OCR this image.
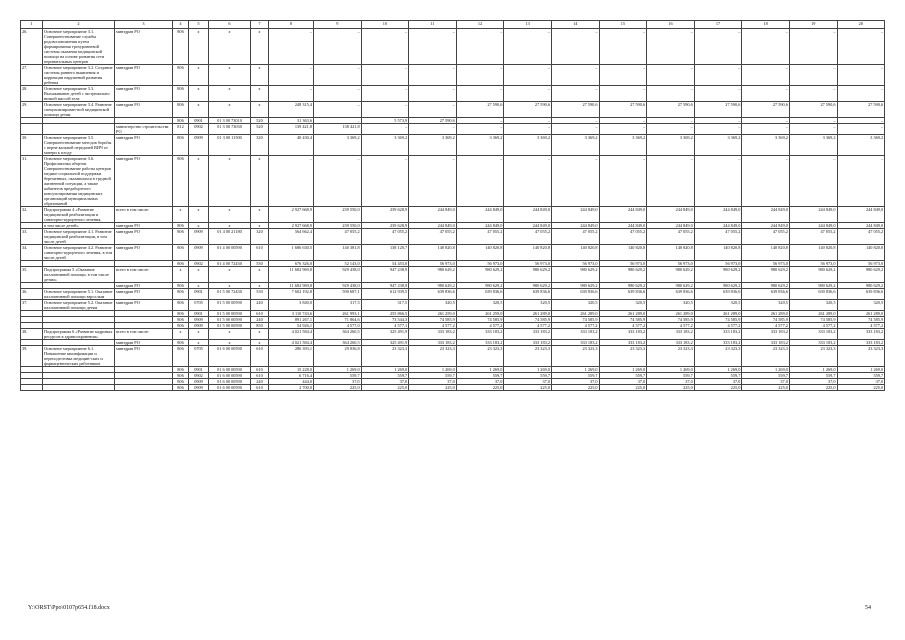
1	2	3	4	5	6	7	8	9	10	11	12	13	14	15	16	17	18	19	20
26.	Основное мероприятие 3.1. Совершенствование службы родовспоможения путем формирования трехуровневой системы оказания медицинской помощи на основе развития сети перинатальных центров	минздрав РО	806	х	х	х	–	–	–	–	–	–	–	–	–	–	–	–	–
27.	Основное мероприятие 3.2. Создание системы раннего выявления и коррекции нарушений развития ребенка	минздрав РО	806	х	х	х	–	–	–	–	–	–	–	–	–	–	–	–	–
28.	Основное мероприятие 3.3. Выхаживание детей с экстремально низкой массой тела	минздрав РО	806	х	х	х	–	–	–	–	–	–	–	–	–	–	–	–	–
29.	Основное мероприятие 3.4. Развитие специализирован-ной медицинской помощи детям	минздрав РО	806	х	х	х	248 315,4	–	–	–	27 590,6	27 590,6	27 590,6	27 590,6	27 590,6	27 590,6	27 590,6	27 590,6	27 590,6
			806	0901	01 3 00 73010	520	31 363,6	–	5 573,9	27 590,6	–	–	–	–	–	–	–	–	–
		министерство строительства РО	812	0902	01 3 00 73030	520	139 421,8	138 421,8	–	–	–	–	–	–	–	–	–	–	–
30.	Основное мероприятие 3.5. Совершенствование методов борьбы с верти-кальной передачей ВИЧ от матери к плоду	минздрав РО	806	0909	01 3 00 11500	320	40 430,4	3 369,2	3 369,2	3 369,2	3 369,2	3 369,2	3 369,2	3 369,2	3 369,2	3 369,2	3 369,2	3 369,2	3 369,2
31.	Основное мероприятие 3.6. Профилактика абортов. Совершенствование работы центров медико-социальной поддержки беременных, оказавшихся в трудной жизненной ситуации, а также кабинетов предабортного консультирования медицинских организаций муниципальных образований	минздрав РО	806	х	х	х	–	–	–	–	–	–	–	–	–	–	–	–	–
32.	Подпрограмма 4 «Развитие медицинской реабилитации и санаторно-курортного лечения,	всего в том числе:	х	х	х	х	2 927 668,9	239 550,0	239 628,9	244 849,0	244 849,0	244 849,0	244 849,0	244 849,0	244 849,0	244 849,0	244 849,0	244 849,0	244 849,0
	в том числе детей»	минздрав РО	806	х	х	х	2 927 668,9	239 550,0	239 628,9	244 849,0	244 849,0	244 849,0	244 849,0	244 849,0	244 849,0	244 849,0	244 849,0	244 849,0	244 849,0
33.	Основное мероприятие 4.1. Развитие медицинской реабилитации, в том числе детей	минздрав РО	806	0909	01 4 00 21180	320	564 662,4	47 055,2	47 055,2	47 055,2	47 055,2	47 055,2	47 055,2	47 055,2	47 055,2	47 055,2	47 055,2	47 055,2	47 055,2
34.	Основное мероприятие 4.2. Развитие санаторно-курортного лечения, в том числе детей	минздрав РО	806	0909	01 4 00 00590	610	1 686 630,5	140 381,8	138 120,7	140 820,8	140 820,8	140 820,8	140 820,8	140 820,8	140 820,8	140 820,8	140 820,8	140 820,8	140 820,8
			806	0902	01 4 00 72430	530	676 326,0	52 143,0	54 453,0	56 973,0	56 973,0	56 973,0	56 973,0	56 973,0	56 973,0	56 973,0	56 973,0	56 973,0	56 973,0
35.	Подпрограмма 5 «Оказание паллиативной помощи, в том числе детям»	всего в том числе:	х	х	х	х	11 682 969,8	929 438,0	947 238,9	980 629,2	980 629,2	980 629,2	980 629,2	980 629,2	980 629,2	980 629,2	980 629,2	980 629,2	980 629,2
		минздрав РО	806	х	х	х	11 682 969,8	929 438,0	947 238,9	980 629,2	980 629,2	980 629,2	980 629,2	980 629,2	980 629,2	980 629,2	980 629,2	980 629,2	980 629,2
36.	Основное мероприятие 5.1. Оказание паллиативной помощи взрослым	минздрав РО	806	0901	01 5 00 72430	530	7 602 192,8	590 687,1	612 939,5	639 836,6	639 836,6	639 836,6	639 836,6	639 836,6	639 836,6	639 836,6	639 836,6	639 836,6	639 836,6
37.	Основное мероприятие 5.2. Оказание паллиативной помощи детям	минздрав РО	806	0705	01 5 00 00590	240	3 840,0	317,5	317,5	320,5	320,5	320,5	320,5	320,5	320,5	320,5	320,5	320,5	320,5
			806	0901	01 5 00 00590	610	3 110 743,6	261 993,1	255 866,5	261 259,0	261 259,0	261 289,0	261 289,0	261 289,0	261 289,0	261 289,0	261 289,0	261 289,0	261 289,0
			806	0909	01 5 00 00590	240	891 267,1	71 864,6	73 544,3	74 585,9	74 585,9	74 585,9	74 585,9	74 585,9	74 585,9	74 585,9	74 585,9	74 585,9	74 585,9
			806	0909	01 5 00 00590	850	54 926,1	4 577,0	4 577,1	4 577,2	4 577,2	4 577,2	4 577,2	4 577,2	4 577,2	4 577,2	4 577,2	4 577,2	4 577,2
38.	Подпрограмма 6 «Развитие кадровых ресурсов в здравоохранении»	всего в том числе:	х	х	х	х	4 021 584,4	364 260,5	325 491,9	333 183,2	333 183,2	333 183,2	333 183,2	333 183,2	333 183,2	333 183,2	333 183,2	333 183,2	333 183,2
		минздрав РО	806	х	х	х	4 021 584,4	364 260,5	325 491,9	333 183,2	333 183,2	333 183,2	333 183,2	333 183,2	333 183,2	333 183,2	333 183,2	333 183,2	333 183,2
39.	Основное мероприятие 6.1. Повышение квалификации и переподготовка медицин-ских и фармацевтических работников	минздрав РО	806	0705	01 6 00 00590	610	286 393,1	29 836,8	23 323,3	23 323,3	23 323,3	23 323,3	23 323,3	23 323,3	23 323,3	23 323,3	23 323,3	23 323,3	23 323,3
			806	0901	01 6 00 00590	610	15 228,0	1 269,0	1 269,0	1 269,0	1 269,0	1 269,0	1 269,0	1 269,0	1 269,0	1 269,0	1 269,0	1 269,0	1 269,0
			806	0902	01 6 00 00590	610	6 716,4	559,7	559,7	559,7	559,7	559,7	559,7	559,7	559,7	559,7	559,7	559,7	559,7
			806	0909	01 6 00 00590	240	444,0	37,0	37,0	37,0	37,0	37,0	37,0	37,0	37,0	37,0	37,0	37,0	37,0
			806	0909	01 6 00 00590	610	2 700,0	225,0	225,0	225,0	225,0	225,0	225,0	225,0	225,0	225,0	225,0	225,0	225,0
Y:\ORST\Ppo\0107p654.f18.docx	54
